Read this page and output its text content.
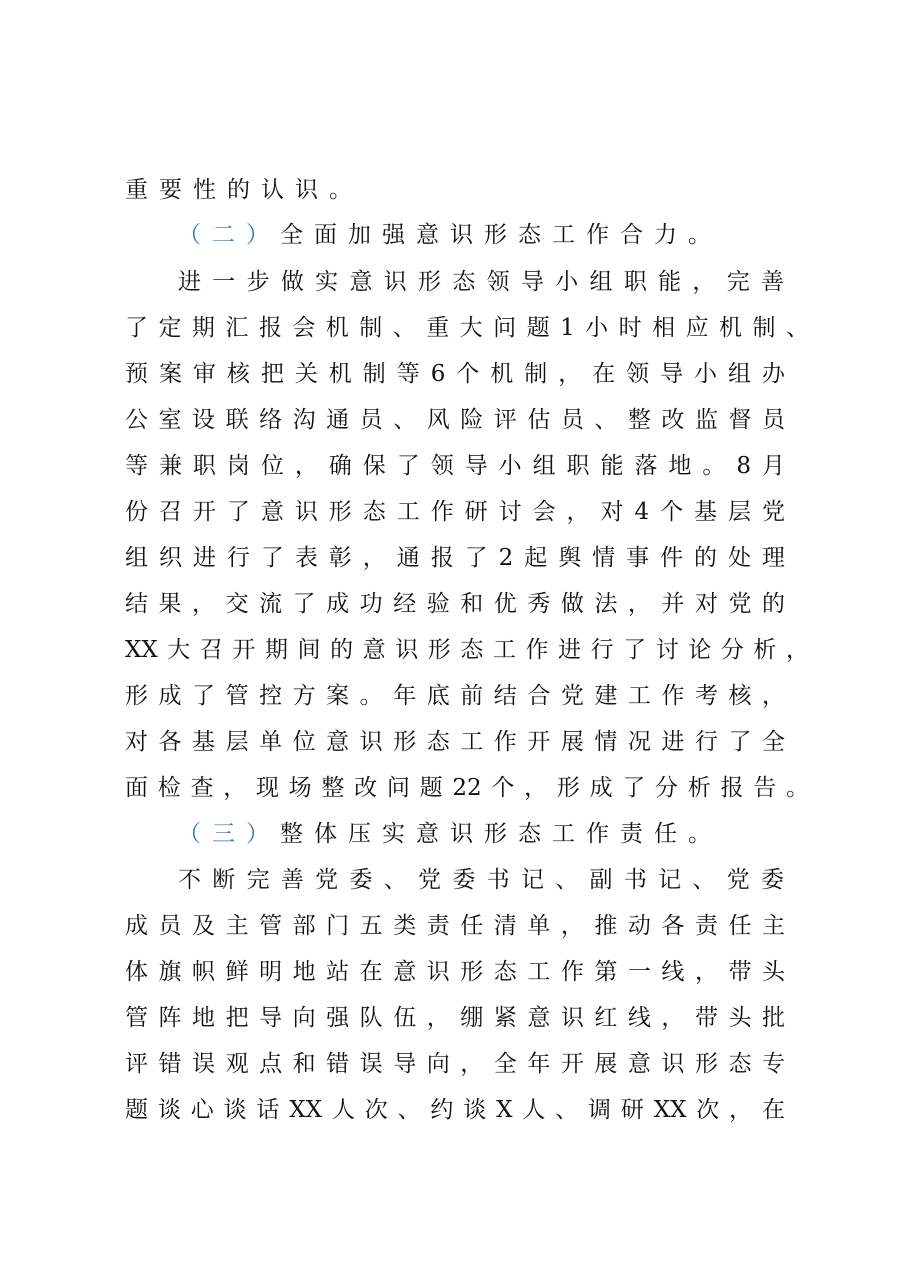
重要性的认识。
（二）全面加强意识形态工作合力。
进一步做实意识形态领导小组职能，完善
了定期汇报会机制、重大问题1小时相应机制、
预案审核把关机制等6个机制，在领导小组办
公室设联络沟通员、风险评估员、整改监督员
等兼职岗位，确保了领导小组职能落地。8月
份召开了意识形态工作研讨会，对4个基层党
组织进行了表彰，通报了2起舆情事件的处理
结果，交流了成功经验和优秀做法，并对党的
XX大召开期间的意识形态工作进行了讨论分析，
形成了管控方案。年底前结合党建工作考核，
对各基层单位意识形态工作开展情况进行了全
面检查，现场整改问题22个，形成了分析报告。
（三）整体压实意识形态工作责任。
不断完善党委、党委书记、副书记、党委
成员及主管部门五类责任清单，推动各责任主
体旗帜鲜明地站在意识形态工作第一线，带头
管阵地把导向强队伍，绷紧意识红线，带头批
评错误观点和错误导向，全年开展意识形态专
题谈心谈话XX人次、约谈X人、调研XX次，在
